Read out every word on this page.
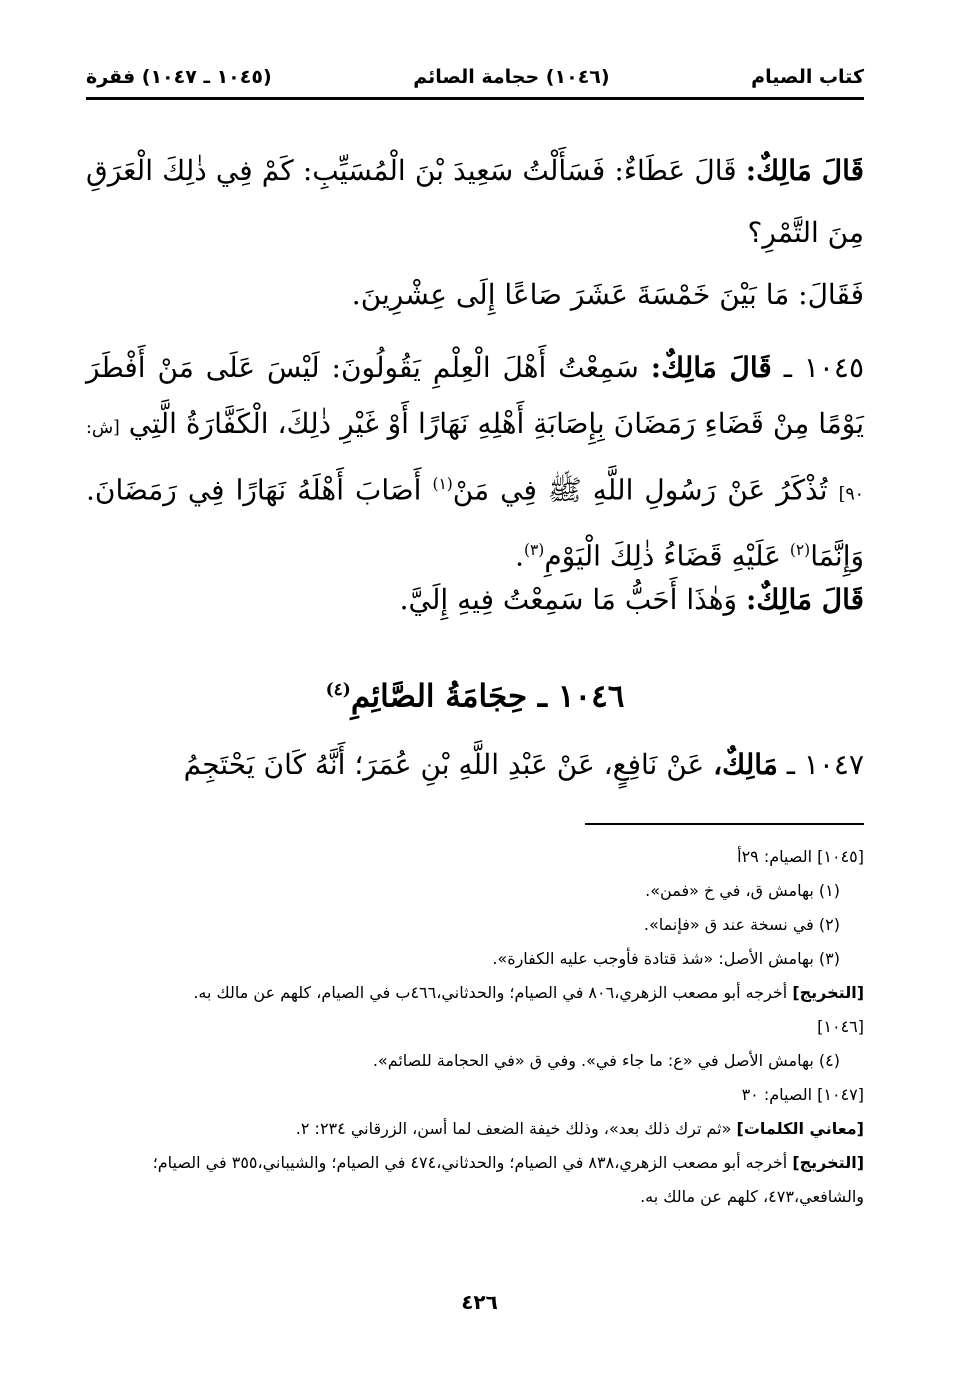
كتاب الصيام
(١٠٤٦) حجامة الصائم
(١٠٤٥ ـ ١٠٤٧) فقرة

قَالَ مَالِكٌ: قَالَ عَطَاءٌ: فَسَأَلْتُ سَعِيدَ بْنَ الْمُسَيِّبِ: كَمْ فِي ذٰلِكَ الْعَرَقِ مِنَ التَّمْرِ؟

فَقَالَ: مَا بَيْنَ خَمْسَةَ عَشَرَ صَاعًا إِلَى عِشْرِينَ.

١٠٤٥ ـ قَالَ مَالِكٌ: سَمِعْتُ أَهْلَ الْعِلْمِ يَقُولُونَ: لَيْسَ عَلَى مَنْ أَفْطَرَ يَوْمًا مِنْ قَضَاءِ رَمَضَانَ بِإِصَابَةِ أَهْلِهِ نَهَارًا أَوْ غَيْرِ ذٰلِكَ، الْكَفَّارَةُ الَّتِي [ش: ٩٠] تُذْكَرُ عَنْ رَسُولِ اللَّهِ ﷺ فِي مَنْ$^{(١)}$ أَصَابَ أَهْلَهُ نَهَارًا فِي رَمَضَانَ. وَإِنَّمَا$^{(٢)}$ عَلَيْهِ قَضَاءُ ذٰلِكَ الْيَوْمِ$^{(٣)}$.

قَالَ مَالِكٌ: وَهٰذَا أَحَبُّ مَا سَمِعْتُ فِيهِ إِلَيَّ.

١٠٤٦ ـ حِجَامَةُ الصَّائِمِ$^{(٤)}$

١٠٤٧ ـ مَالِكٌ، عَنْ نَافِعٍ، عَنْ عَبْدِ اللَّهِ بْنِ عُمَرَ؛ أَنَّهُ كَانَ يَحْتَجِمُ

[١٠٤٥] الصيام: ٢٩أ

(١) بهامش ق، في خ «فمن».

(٢) في نسخة عند ق «فإنما».

(٣) بهامش الأصل: «شذ قتادة فأوجب عليه الكفارة».

[التخريج] أخرجه أبو مصعب الزهري،٨٠٦ في الصيام؛ والحدثاني،٤٦٦ب في الصيام، كلهم عن مالك به.

[١٠٤٦]

(٤) بهامش الأصل في «ع: ما جاء في». وفي ق «في الحجامة للصائم».

[١٠٤٧] الصيام: ٣٠

[معاني الكلمات] «ثم ترك ذلك بعد»، وذلك خيفة الضعف لما أسن، الزرقاني ٢٣٤: ٢.

[التخريج] أخرجه أبو مصعب الزهري،٨٣٨ في الصيام؛ والحدثاني،٤٧٤ في الصيام؛ والشيباني،٣٥٥ في الصيام؛ والشافعي،٤٧٣، كلهم عن مالك به.

٤٢٦
